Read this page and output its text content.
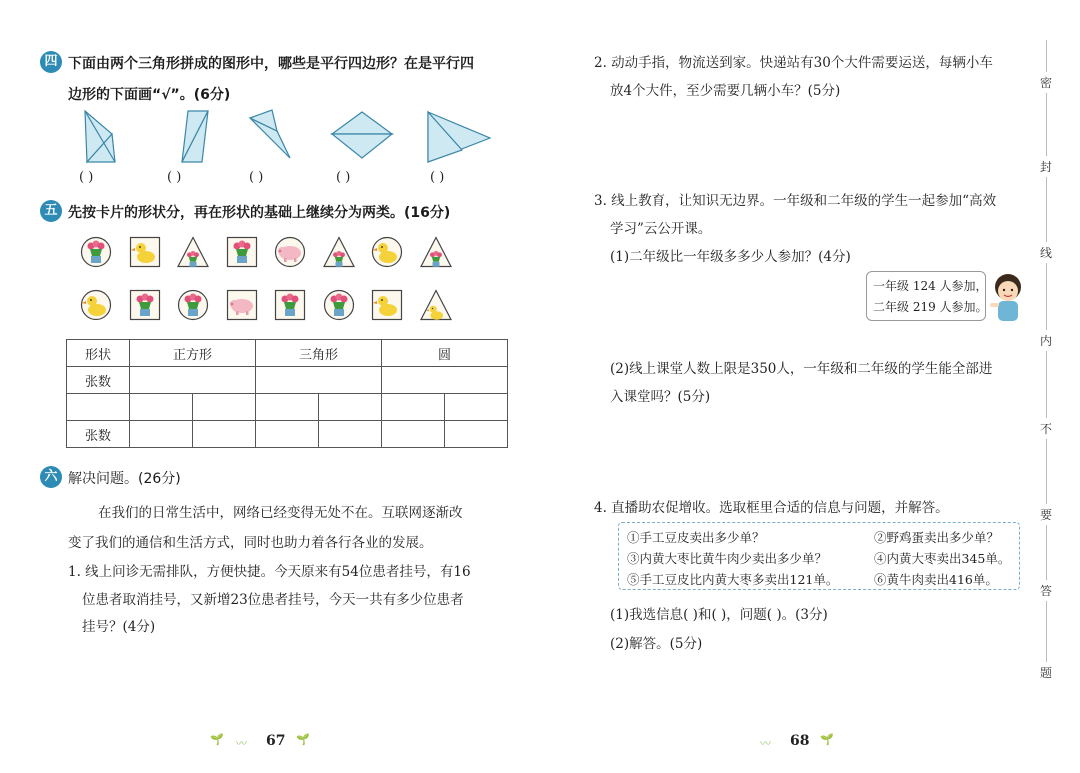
四 下面由两个三角形拼成的图形中，哪些是平行四边形？在是平行四
边形的下面画“√”。(6分)
( )	( )	( )	( )	( )
五 先按卡片的形状分，再在形状的基础上继续分为两类。(16分)
形状	正方形		三角形		圆	
张数						

张数						
六 解决问题。(26分)
在我们的日常生活中，网络已经变得无处不在。互联网逐渐改
变了我们的通信和生活方式，同时也助力着各行各业的发展。
1. 线上问诊无需排队，方便快捷。今天原来有54位患者挂号，有16
位患者取消挂号，又新增23位患者挂号，今天一共有多少位患者
挂号？(4分)
🌱 〰 67 🌱
2. 动动手指，物流送到家。快递站有30个大件需要运送，每辆小车
放4个大件，至少需要几辆小车？(5分)
3. 线上教育，让知识无边界。一年级和二年级的学生一起参加“高效
学习”云公开课。
(1)二年级比一年级多多少人参加？(4分)
一年级 124 人参加，
二年级 219 人参加。
(2)线上课堂人数上限是350人，一年级和二年级的学生能全部进
入课堂吗？(5分)
4. 直播助农促增收。选取框里合适的信息与问题，并解答。
①手工豆皮卖出多少单？	②野鸡蛋卖出多少单？
③内黄大枣比黄牛肉少卖出多少单？	④内黄大枣卖出345单。
⑤手工豆皮比内黄大枣多卖出121单。	⑥黄牛肉卖出416单。
(1)我选信息( )和( )，问题( )。(3分)
(2)解答。(5分)
〰 68 🌱
密
封
线
内
不
要
答
题
